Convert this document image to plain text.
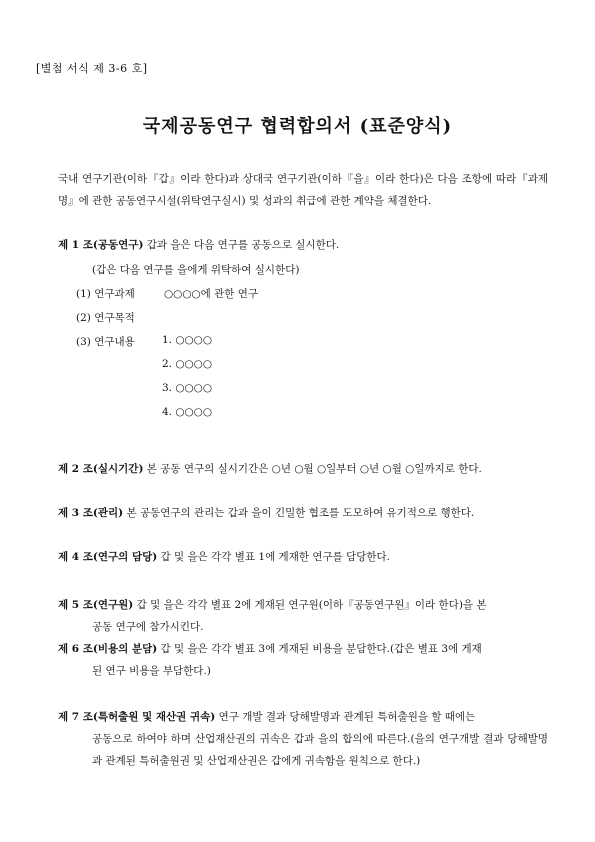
[별첨 서식 제 3-6 호]
국제공동연구 협력합의서 (표준양식)
국내 연구기관(이하『갑』이라 한다)과 상대국 연구기관(이하『을』이라 한다)은 다음 조항에 따라『과제명』에 관한 공동연구시설(위탁연구실시) 및 성과의 취급에 관한 계약을 체결한다.
제 1 조(공동연구) 갑과 을은 다음 연구를 공동으로 실시한다.
(갑은 다음 연구를 을에게 위탁하여 실시한다)
(1) 연구과제	○○○○에 관한 연구
(2) 연구목적
(3) 연구내용	1. ○○○○
2. ○○○○
3. ○○○○
4. ○○○○
제 2 조(실시기간) 본 공동 연구의 실시기간은 ○년 ○월 ○일부터 ○년 ○월 ○일까지로 한다.
제 3 조(관리) 본 공동연구의 관리는 갑과 을이 긴밀한 협조를 도모하여 유기적으로 행한다.
제 4 조(연구의 담당) 갑 및 을은 각각 별표 1에 게재한 연구를 담당한다.
제 5 조(연구원) 갑 및 을은 각각 별표 2에 게재된 연구원(이하『공동연구원』이라 한다)을 본
공동 연구에 참가시킨다.
제 6 조(비용의 분담) 갑 및 을은 각각 별표 3에 게재된 비용을 분담한다.(갑은 별표 3에 게재
된 연구 비용을 부담한다.)
제 7 조(특허출원 및 재산권 귀속) 연구 개발 결과 당해발명과 관계된 특허출원을 할 때에는
공동으로 하여야 하며 산업재산권의 귀속은 갑과 을의 합의에 따른다.(을의 연구개발 결과 당해발명과 관계된 특허출원권 및 산업재산권은 갑에게 귀속함을 원칙으로 한다.)
